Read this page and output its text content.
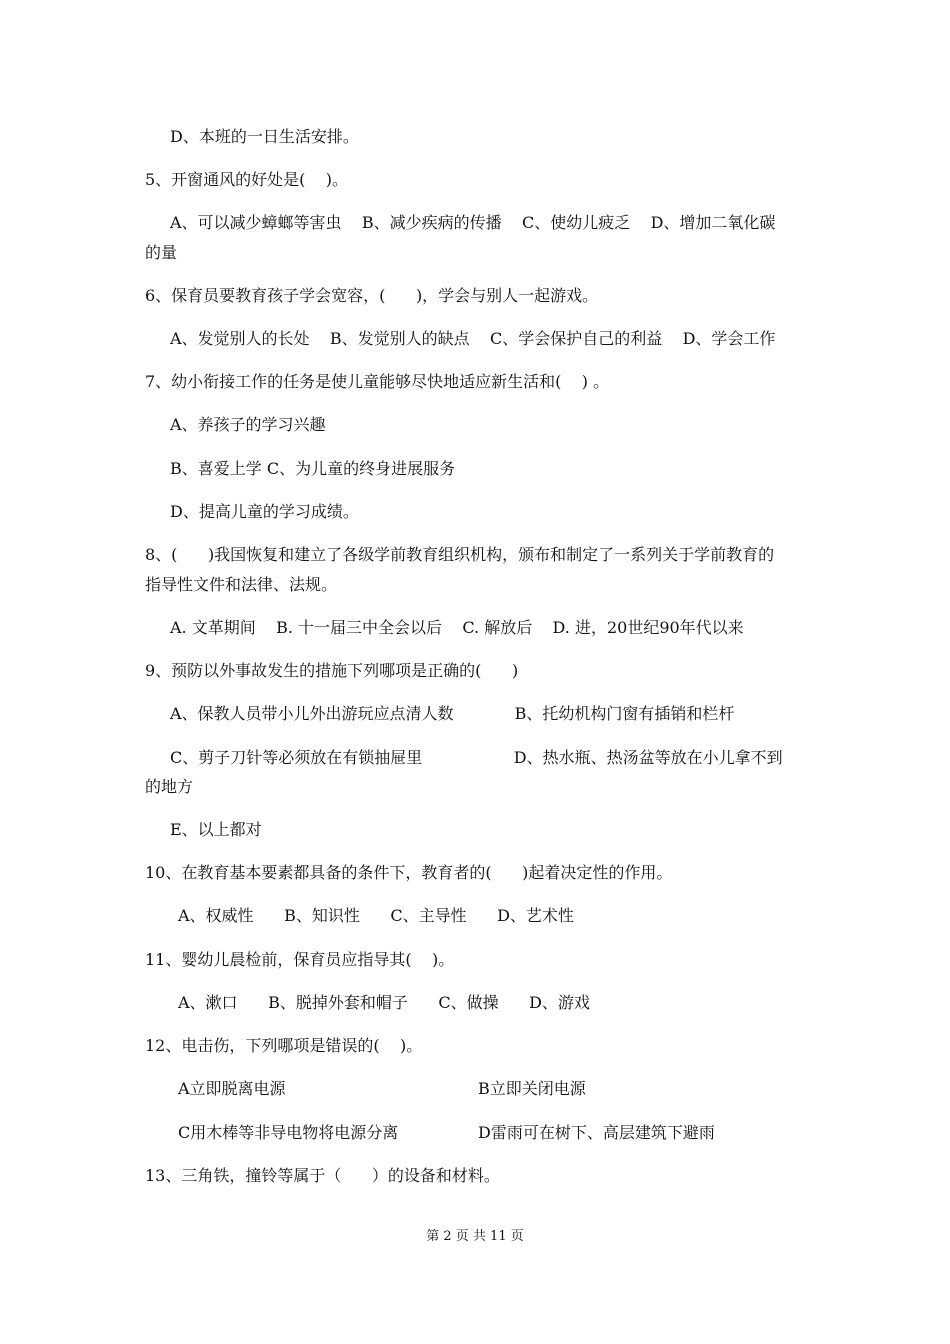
D、本班的一日生活安排。

5、开窗通风的好处是(    )。

A、可以减少蟑螂等害虫    B、减少疾病的传播    C、使幼儿疲乏    D、增加二氧化碳

的量

6、保育员要教育孩子学会宽容，(      )，学会与别人一起游戏。

A、发觉别人的长处    B、发觉别人的缺点    C、学会保护自己的利益    D、学会工作

7、幼小衔接工作的任务是使儿童能够尽快地适应新生活和(    ) 。

A、养孩子的学习兴趣

B、喜爱上学 C、为儿童的终身进展服务

D、提高儿童的学习成绩。

8、(      )我国恢复和建立了各级学前教育组织机构，颁布和制定了一系列关于学前教育的

指导性文件和法律、法规。

A. 文革期间    B. 十一届三中全会以后    C. 解放后    D. 进，20世纪90年代以来

9、预防以外事故发生的措施下列哪项是正确的(      )

A、保教人员带小儿外出游玩应点清人数            B、托幼机构门窗有插销和栏杆

C、剪子刀针等必须放在有锁抽屉里                  D、热水瓶、热汤盆等放在小儿拿不到

的地方

E、以上都对

10、在教育基本要素都具备的条件下，教育者的(      )起着决定性的作用。

A、权威性      B、知识性      C、主导性      D、艺术性

11、婴幼儿晨检前，保育员应指导其(    )。

A、漱口      B、脱掉外套和帽子      C、做操      D、游戏

12、电击伤，下列哪项是错误的(    )。

A立即脱离电源	B立即关闭电源

C用木棒等非导电物将电源分离	D雷雨可在树下、高层建筑下避雨

13、三角铁，撞铃等属于（      ）的设备和材料。

第 2 页 共 11 页
